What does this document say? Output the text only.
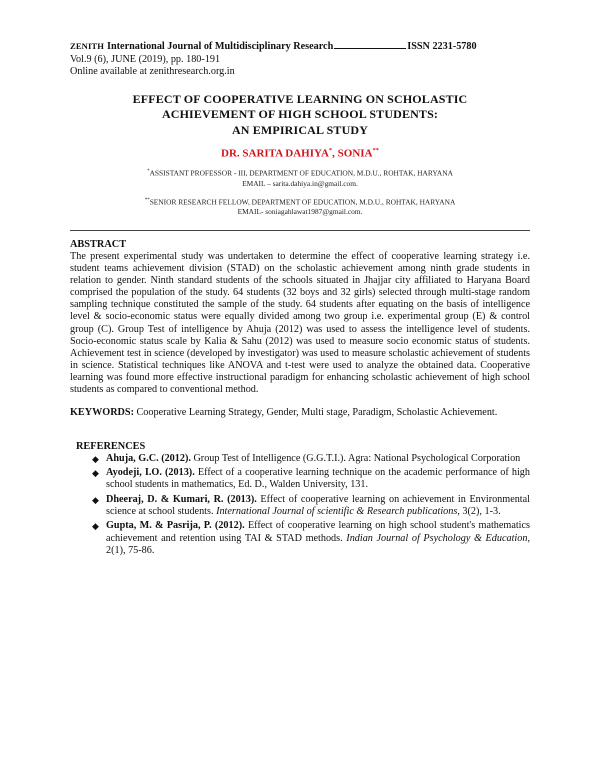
ZENITH International Journal of Multidisciplinary Research	ISSN 2231-5780
Vol.9 (6), JUNE (2019), pp. 180-191
Online available at zenithresearch.org.in
EFFECT OF COOPERATIVE LEARNING ON SCHOLASTIC
ACHIEVEMENT OF HIGH SCHOOL STUDENTS:
AN EMPIRICAL STUDY
DR. SARITA DAHIYA*, SONIA**
*ASSISTANT PROFESSOR - III, DEPARTMENT OF EDUCATION, M.D.U., ROHTAK, HARYANA
EMAIL – sarita.dahiya.in@gmail.com.
**SENIOR RESEARCH FELLOW, DEPARTMENT OF EDUCATION, M.D.U., ROHTAK, HARYANA
EMAIL- soniagahlawat1987@gmail.com.
ABSTRACT
The present experimental study was undertaken to determine the effect of cooperative learning strategy i.e. student teams achievement division (STAD) on the scholastic achievement among ninth grade students in relation to gender. Ninth standard students of the schools situated in Jhajjar city affiliated to Haryana Board comprised the population of the study. 64 students (32 boys and 32 girls) selected through multi-stage random sampling technique constituted the sample of the study. 64 students after equating on the basis of intelligence level & socio-economic status were equally divided among two group i.e. experimental group (E) & control group (C). Group Test of intelligence by Ahuja (2012) was used to assess the intelligence level of students. Socio-economic status scale by Kalia & Sahu (2012) was used to measure socio economic status of students. Achievement test in science (developed by investigator) was used to measure scholastic achievement of students in science. Statistical techniques like ANOVA and t-test were used to analyze the obtained data. Cooperative learning was found more effective instructional paradigm for enhancing scholastic achievement of high school students as compared to conventional method.
KEYWORDS: Cooperative Learning Strategy, Gender, Multi stage, Paradigm, Scholastic Achievement.
REFERENCES
◆ Ahuja, G.C. (2012). Group Test of Intelligence (G.G.T.I.). Agra: National Psychological Corporation
◆ Ayodeji, I.O. (2013). Effect of a cooperative learning technique on the academic performance of high school students in mathematics, Ed. D., Walden University, 131.
◆ Dheeraj, D. & Kumari, R. (2013). Effect of cooperative learning on achievement in Environmental science at school students. International Journal of scientific & Research publications, 3(2), 1-3.
◆ Gupta, M. & Pasrija, P. (2012). Effect of cooperative learning on high school student's mathematics achievement and retention using TAI & STAD methods. Indian Journal of Psychology & Education, 2(1), 75-86.
